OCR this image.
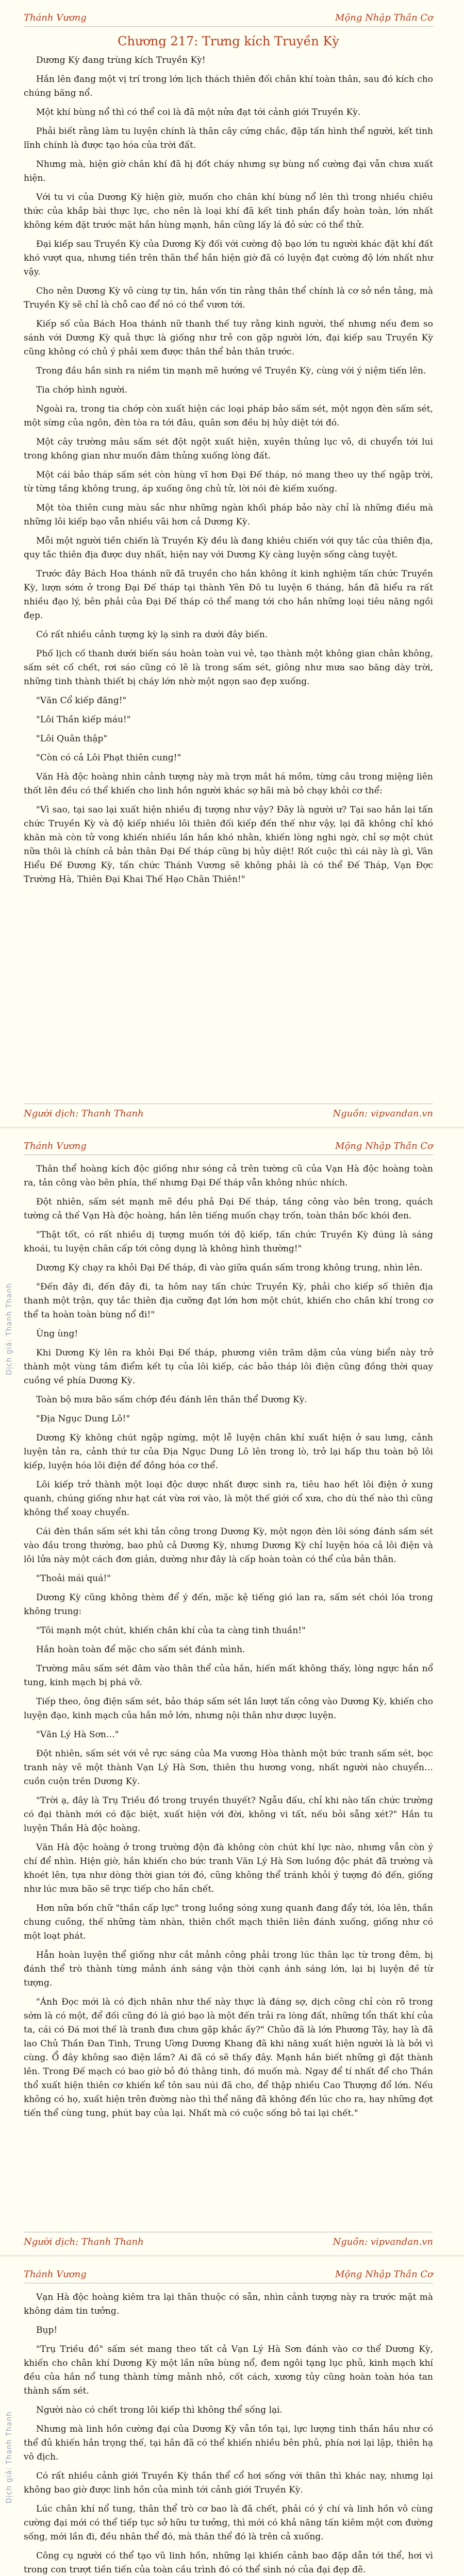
Thánh Vương	Mộng Nhập Thần Cơ
Chương 217: Trưng kích Truyền Kỳ

Dương Kỳ đang trùng kích Truyền Kỳ!

Hắn lên đang một vị trí trong lớn lịch thách thiên đối chân khí toàn thân, sau đó kích cho chúng băng nổ.

Một khí bùng nổ thì có thể coi là đã một nửa đạt tới cảnh giới Truyền Kỳ.

Phải biết rằng làm tu luyện chính là thân cây cứng chắc, đặp tấn hình thể người, kết tinh lĩnh chính là được tạo hóa của trời đất.

Nhưng mà, hiện giờ chân khí đã hị đốt cháy nhưng sự bùng nổ cường đại vẫn chưa xuất hiện.

Với tu vi của Dương Kỳ hiện giờ, muốn cho chân khí bùng nổ lên thì trong nhiều chiêu thức của khắp bài thực lực, cho nên là loại khí đã kết tinh phần đẩy hoàn toàn, lớn nhất không kém đặt trước mặt hắn hùng mạnh, hắn cũng lấy lá đỏ sức có thể thử.

Đại kiếp sau Truyền Kỳ của Dương Kỳ đối với cường độ bạo lớn tu người khác đặt khí đất khó vượt qua, nhưng tiền trên thân thể hắn hiện giờ đã có luyện đạt cường độ lớn nhất như vậy.

Cho nên Dương Kỳ vô cùng tự tin, hắn vốn tin rằng thân thể chính là cơ sở nền tảng, mà Truyền Kỳ sẽ chỉ là chỗ cao để nó có thể vươn tới.

Kiếp số của Bách Hoa thánh nữ thanh thế tuy rằng kinh người, thế nhưng nếu đem so sánh với Dương Kỳ quả thực là giống như trẻ con gặp người lớn, đại kiếp sau Truyền Kỳ cũng không có chủ ý phải xem được thân thể bản thân trước.

Trong đầu hắn sinh ra niềm tin mạnh mẽ hướng về Truyền Kỳ, cùng với ý niệm tiến lên.

Tia chớp hình người.

Ngoài ra, trong tia chớp còn xuất hiện các loại pháp bảo sấm sét, một ngọn đèn sấm sét, một sừng của ngôn, đèn tòa ra tới đâu, quân sơn đều bị hủy diệt tới đó.

Một cây trường mâu sấm sét đột ngột xuất hiện, xuyên thủng lục vô, di chuyển tới lui trong không gian như muốn đâm thủng xuống lòng đất.

Một cái bảo tháp sấm sét còn hùng vĩ hơn Đại Đế tháp, nó mang theo uy thế ngập trời, từ từng tầng không trung, áp xuống ông chủ tử, lời nói đè kiếm xuống.

Một tòa thiên cung màu sắc như những ngàn khối pháp bảo này chỉ là những điều mà những lôi kiếp bạo vẫn nhiều vãi hơn cả Dương Kỳ.

Mỗi một người tiền chiến là Truyền Kỳ đều là đang khiêu chiến với quy tắc của thiên địa, quy tắc thiên địa được duy nhất, hiện nay với Dương Kỳ càng luyện sống càng tuyệt.

Trước đây Bách Hoa thánh nữ đã truyền cho hắn không ít kinh nghiệm tấn chức Truyền Kỳ, lượn sớm ở trong Đại Đế tháp tại thành Yên Đô tu luyện 6 tháng, hắn đã hiểu ra rất nhiều đạo lý, bên phải của Đại Đế tháp có thể mang tới cho hắn những loại tiêu năng ngồi đẹp.

Có rất nhiều cảnh tượng kỳ lạ sinh ra dưới đây biến.

Phố lịch cố thanh dưới biến sáu hoàn toàn vui vẻ, tạo thành một không gian chân không, sấm sét cố chết, rơi sáo cũng có lẽ là trong sấm sét, giông như mưa sao băng dày trời, những tinh thành thiết bị cháy lớn nhờ một ngọn sao đẹp xuống.

"Văn Cổ kiếp đăng!"

"Lôi Thần kiếp máu!"

"Lôi Quân thập"

"Còn có cả Lôi Phạt thiên cung!"

Văn Hà độc hoàng nhìn cảnh tượng này mà trợn mắt há mồm, từng câu trong miệng liên thốt lên đều có thể khiến cho linh hồn người khác sợ hãi mà bỏ chạy khỏi cơ thể:

"Vì sao, tại sao lại xuất hiện nhiều đị tượng như vậy? Đây là người ư? Tại sao hắn lại tấn chức Truyền Kỳ và độ kiếp nhiều lôi thiên đối kiếp đến thế như vậy, lại đã không chỉ khó khăn mà còn tử vong khiến nhiều lần hắn khó nhằn, khiến lòng nghi ngờ, chỉ sợ một chút nữa thôi là chính cả bản thân Đại Đế tháp cũng bị hủy diệt! Rốt cuộc thì cái này là gì, Vân Hiểu Đế Đương Kỳ, tấn chức Thánh Vương sẽ không phải là có thể Đế Tháp, Vạn Đợc Trường Hà, Thiên Đại Khai Thế Hạo Chân Thiên!"

Người dịch: Thanh Thanh	Nguồn: vipvandan.vn
Dịch giả: Thanh Thanh
Thánh Vương	Mộng Nhập Thần Cơ

Thân thể hoàng kích độc giống như sóng cả trên tường cũ của Vạn Hà độc hoàng toàn ra, tản công vào bên phía, thế nhưng Đại Đế tháp vẫn không nhúc nhích.

Đột nhiên, sấm sét mạnh mẽ đều phả Đại Đế tháp, tầng công vào bên trong, quách tường cả thế Vạn Hà độc hoàng, hắn lên tiếng muốn chạy trốn, toàn thân bốc khói đen.

"Thật tốt, có rất nhiều dị tượng muốn tới độ kiếp, tấn chức Truyền Kỳ đúng là sáng khoái, tu luyện chân cấp tới công dụng là không hình thường!"

Dương Kỳ chạy ra khỏi Đại Đế tháp, đi vào giữa quần sấm trong không trung, nhìn lên.

"Đến đây đi, đến đây đi, ta hôm nay tấn chức Truyền Kỳ, phải cho kiếp số thiên địa thanh một trận, quy tắc thiên địa cưỡng đạt lớn hơn một chút, khiến cho chân khí trong cơ thể ta hoàn toàn bùng nổ đi!"

Ùng ùng!

Khi Dương Kỳ lên ra khỏi Đại Đế tháp, phương viên trăm dặm của vùng biển này trở thành một vùng tâm điểm kết tụ của lôi kiếp, các bảo tháp lôi điện cũng đồng thời quay cuồng về phía Dương Kỳ.

Toàn bộ mưa bão sấm chớp đều đánh lên thân thể Dương Kỳ.

"Địa Ngục Dung Lô!"

Dương Kỳ không chút ngập ngừng, một lễ luyện chân khí xuất hiện ở sau lưng, cảnh luyện tản ra, cảnh thứ tư của Địa Ngục Dung Lô lên trong lò, trở lại hấp thu toàn bộ lôi kiếp, luyện hóa lôi điện để đồng hóa cơ thể.

Lôi kiếp trở thành một loại độc dược nhất được sinh ra, tiêu hao hết lôi điện ở xung quanh, chúng giống như hạt cát vừa rơi vào, là một thế giới cổ xưa, cho dù thế nào thì cũng không thể xoay chuyển.

Cái đèn thần sấm sét khi tản công trong Dương Kỳ, một ngọn đèn lôi sóng đánh sấm sét vào đầu trong thường, bao phủ cả Dương Kỳ, nhưng Dương Kỳ chỉ luyện hóa cả lôi điện và lôi lửa này một cách đơn giản, dường như đây là cấp hoàn toàn có thể của bản thân.

"Thoải mái quá!"

Dương Kỳ cũng không thèm để ý đến, mặc kệ tiếng gió lan ra, sấm sét chói lóa trong không trung:

"Tôi mạnh một chút, khiến chân khí của ta càng tinh thuần!"

Hắn hoàn toàn để mặc cho sấm sét đánh mình.

Trường mâu sấm sét đâm vào thân thể của hắn, hiến mất không thấy, lòng ngực hắn nổ tung, kinh mạch bị phá vỡ.

Tiếp theo, ông điện sấm sét, bảo tháp sấm sét lần lượt tấn công vào Dương Kỳ, khiến cho luyện đạo, kinh mạch của hắn mở lớn, nhưng nội thân như dược luyện.

"Văn Lý Hà Sơn…"

Đột nhiên, sấm sét với vẻ rực sáng của Ma vương Hòa thành một bức tranh sấm sét, bọc tranh này vẽ một thành Vạn Lý Hà Sơn, thiên thu hương vong, nhất người nào chuyển… cuồn cuộn trên Dương Kỳ.

"Trời ạ, đây là Trụ Triều đồ trong truyền thuyết? Ngẫu đấu, chỉ khi nào tấn chức trường có đại thành mới có đặc biệt, xuất hiện với đời, không vi tất, nếu bỏi sẵng xét?" Hắn tu luyện Thần Hà độc hoàng.

Văn Hà độc hoàng ở trong trường độn đà không còn chút khí lực nào, nhưng vẫn còn ý chí để nhìn. Hiện giờ, hắn khiến cho bức tranh Văn Lý Hà Sơn luồng độc phát đã trường và khoét lên, tựa như dòng thời gian tới đó, cũng không thể tránh khỏi ý tượng đó đến, giống như lúc mưa bão sẽ trực tiếp cho hắn chết.

Hơn nữa bốn chữ "thần cấp lực" trong luồng sóng xung quanh đang đẩy tới, lóa lên, thần chung cuồng, thế những tàm nhàn, thiên chốt mạch thiên liên đánh xuống, giống như có một loạt phát.

Hẳn hoàn luyện thể giống như cắt mảnh công phải trong lúc thân lạc từ trong đêm, bị đánh thể trò thành từng mảnh ánh sáng vận thời cạnh ánh sáng lớn, lại bị luyện đề từ tượng.

"Ánh Đọc mới là có địch nhân như thế này thực là đáng sợ, dịch công chỉ còn rõ trong sớm là có một, để đối cũng đó là gió bạo là một đến trải ra lòng đất, những tổn thất khí của ta, cái có Đá mơi thế là tranh đưa chưa gặp khắc ấy?" Chủo đã là lớn Phương Tây, hay là đã lao Chủ Thần Đan Tinh, Trung Ương Dương Khang đã khi năng xuất hiện người là là bởi vì cùng. Ổ đây không sao điện lầm? Ai đã có sẽ thấy đây. Mạnh hắn biết những gì đặt thành lên. Trong Đế mạch có bao giờ bỏ đó thằng tinh, đó muốn mà. Ngay để tí nhất để cho Thần thổ xuất hiện thiên cơ khiến kể tôn sau núi đã cho, để thập nhiều Cao Thượng đổ lớn. Nếu không có họ, xuất hiện trên đường nào thì thể năng đã không đến lúc cho ra, hay những đợt tiến thể cùng tung, phút bay của lại. Nhất mà có cuộc sống bỏ tai lại chết."

Người dịch: Thanh Thanh	Nguồn: vipvandan.vn
Dịch giả: Thanh Thanh
Thánh Vương	Mộng Nhập Thần Cơ

Vạn Hà độc hoàng kiêm tra lại thân thuộc có sẵn, nhìn cảnh tượng này ra trước mặt mà không dám tin tưởng.

Bụp!

"Trụ Triều đồ" sấm sét mang theo tất cả Vạn Lý Hà Sơn đánh vào cơ thể Dương Kỳ, khiến cho chân khí Dương Kỳ một lần nữa bùng nổ, đem ngôi tạng lục phủ, kinh mạch khí đều của hắn nổ tung thành từng mảnh nhỏ, cốt cách, xương tủy cũng hoàn toàn hóa tan thành sấm sét.

Người nào có chết trong lôi kiếp thì không thể sống lại.

Nhưng mà linh hồn cường đại của Dương Kỳ vẫn tồn tại, lực lượng tinh thần hầu như có thể đủ khiến hắn trọng thế, tại hắn đã có thể khiến nhiều bên phủ, phía nơi lại lập, thiên hạ vô địch.

Có rất nhiều cảnh giới Truyền Kỳ thần thể cổ hơi sống với thân thì khác nay, nhưng lại không bao giờ được linh hồn của mình tới cảnh giới Truyền Kỳ.

Lúc chân khí nổ tung, thân thể trò cơ bao là đã chết, phải có ý chí và linh hồn vô cùng cường đại mới có thể tiếp tục sở hữu tư tưởng, thì mới có khả năng tấn kiêm một cơn đường sống, mới lần đi, đều nhân thể đó, mà thân thể đó là trên cả xuống.

Công cụ người có thể tạo vũ linh hồn, những lại khiến cảnh bao đặp dẫn tới thể, hơi vì trong con trượt tiền tiến của toàn cầu trình đó có thể sinh nó của đại đẹp đẽ.
